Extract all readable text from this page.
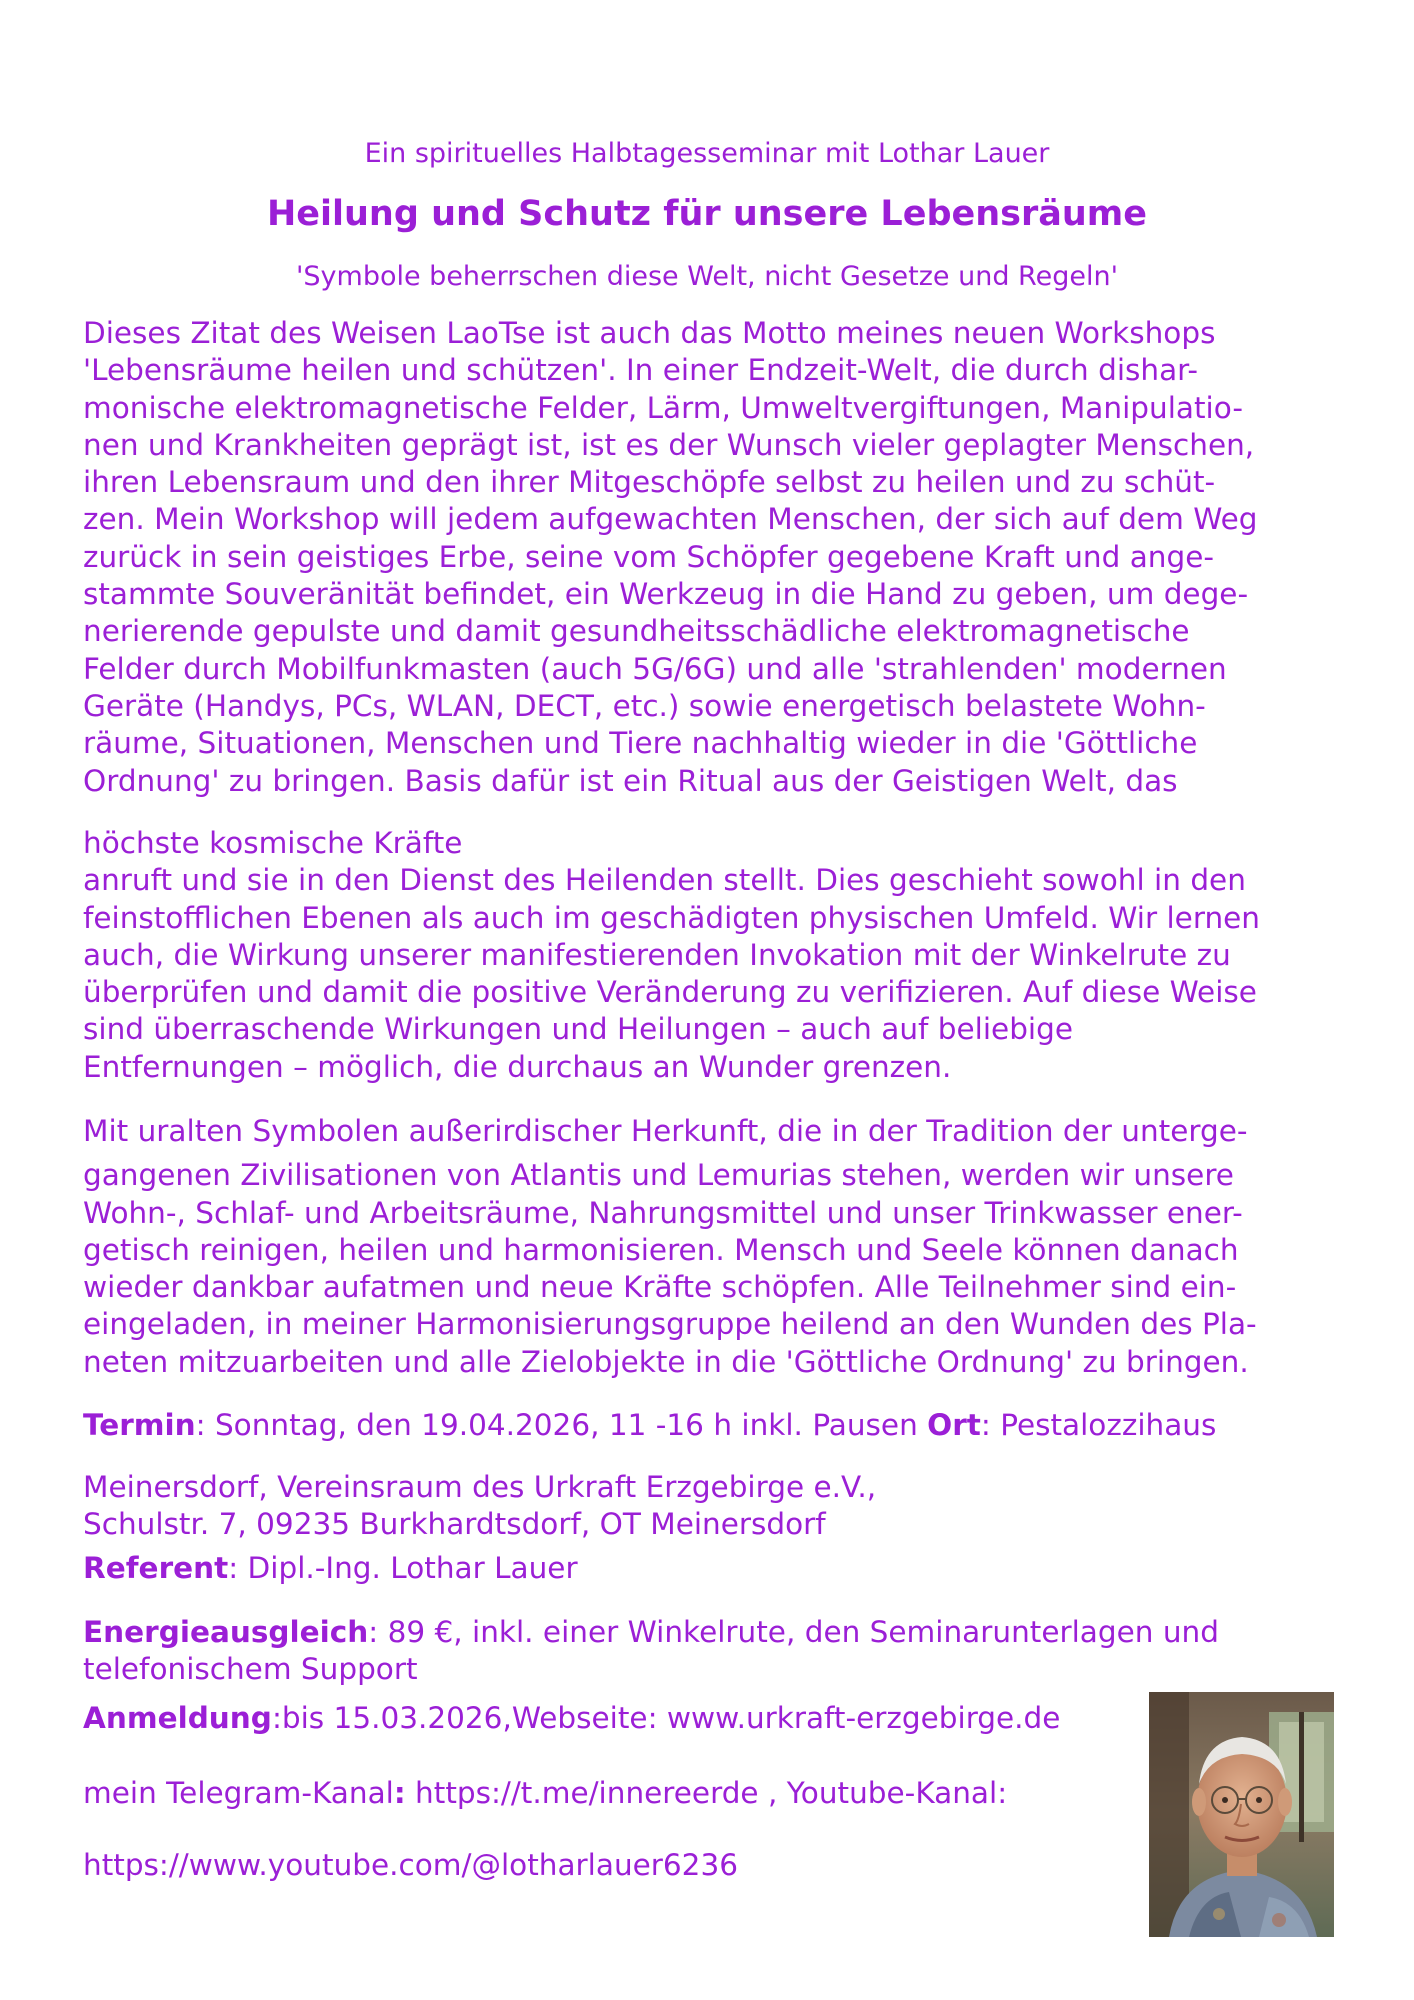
Ein spirituelles Halbtagesseminar mit Lothar Lauer
Heilung und Schutz für unsere Lebensräume
'Symbole beherrschen diese Welt, nicht Gesetze und Regeln'
Dieses Zitat des Weisen LaoTse ist auch das Motto meines neuen Workshops
'Lebensräume heilen und schützen'. In einer Endzeit-Welt, die durch dishar-
monische elektromagnetische Felder, Lärm, Umweltvergiftungen, Manipulatio-
nen und Krankheiten geprägt ist, ist es der Wunsch vieler geplagter Menschen,
ihren Lebensraum und den ihrer Mitgeschöpfe selbst zu heilen und zu schüt-
zen. Mein Workshop will jedem aufgewachten Menschen, der sich auf dem Weg
zurück in sein geistiges Erbe, seine vom Schöpfer gegebene Kraft und ange-
stammte Souveränität befindet, ein Werkzeug in die Hand zu geben, um dege-
nerierende gepulste und damit gesundheitsschädliche elektromagnetische
Felder durch Mobilfunkmasten (auch 5G/6G) und alle 'strahlenden' modernen
Geräte (Handys, PCs, WLAN, DECT, etc.) sowie energetisch belastete Wohn-
räume, Situationen, Menschen und Tiere nachhaltig wieder in die 'Göttliche
Ordnung' zu bringen. Basis dafür ist ein Ritual aus der Geistigen Welt, das
höchste kosmische Kräfte
anruft und sie in den Dienst des Heilenden stellt. Dies geschieht sowohl in den
feinstofflichen Ebenen als auch im geschädigten physischen Umfeld. Wir lernen
auch, die Wirkung unserer manifestierenden Invokation mit der Winkelrute zu
überprüfen und damit die positive Veränderung zu verifizieren. Auf diese Weise
sind überraschende Wirkungen und Heilungen – auch auf beliebige
Entfernungen – möglich, die durchaus an Wunder grenzen.
Mit uralten Symbolen außerirdischer Herkunft, die in der Tradition der unterge-
gangenen Zivilisationen von Atlantis und Lemurias stehen, werden wir unsere
Wohn-, Schlaf- und Arbeitsräume, Nahrungsmittel und unser Trinkwasser ener-
getisch reinigen, heilen und harmonisieren. Mensch und Seele können danach
wieder dankbar aufatmen und neue Kräfte schöpfen. Alle Teilnehmer sind ein-
eingeladen, in meiner Harmonisierungsgruppe heilend an den Wunden des Pla-
neten mitzuarbeiten und alle Zielobjekte in die 'Göttliche Ordnung' zu bringen.
Termin: Sonntag, den 19.04.2026, 11 -16 h inkl. Pausen Ort: Pestalozzihaus
Meinersdorf, Vereinsraum des Urkraft Erzgebirge e.V.,
Schulstr. 7, 09235 Burkhardtsdorf, OT Meinersdorf
Referent: Dipl.-Ing. Lothar Lauer
Energieausgleich: 89 €, inkl. einer Winkelrute, den Seminarunterlagen und
telefonischem Support
Anmeldung:bis 15.03.2026,Webseite: www.urkraft-erzgebirge.de
mein Telegram-Kanal: https://t.me/innereerde , Youtube-Kanal:
https://www.youtube.com/@lotharlauer6236
